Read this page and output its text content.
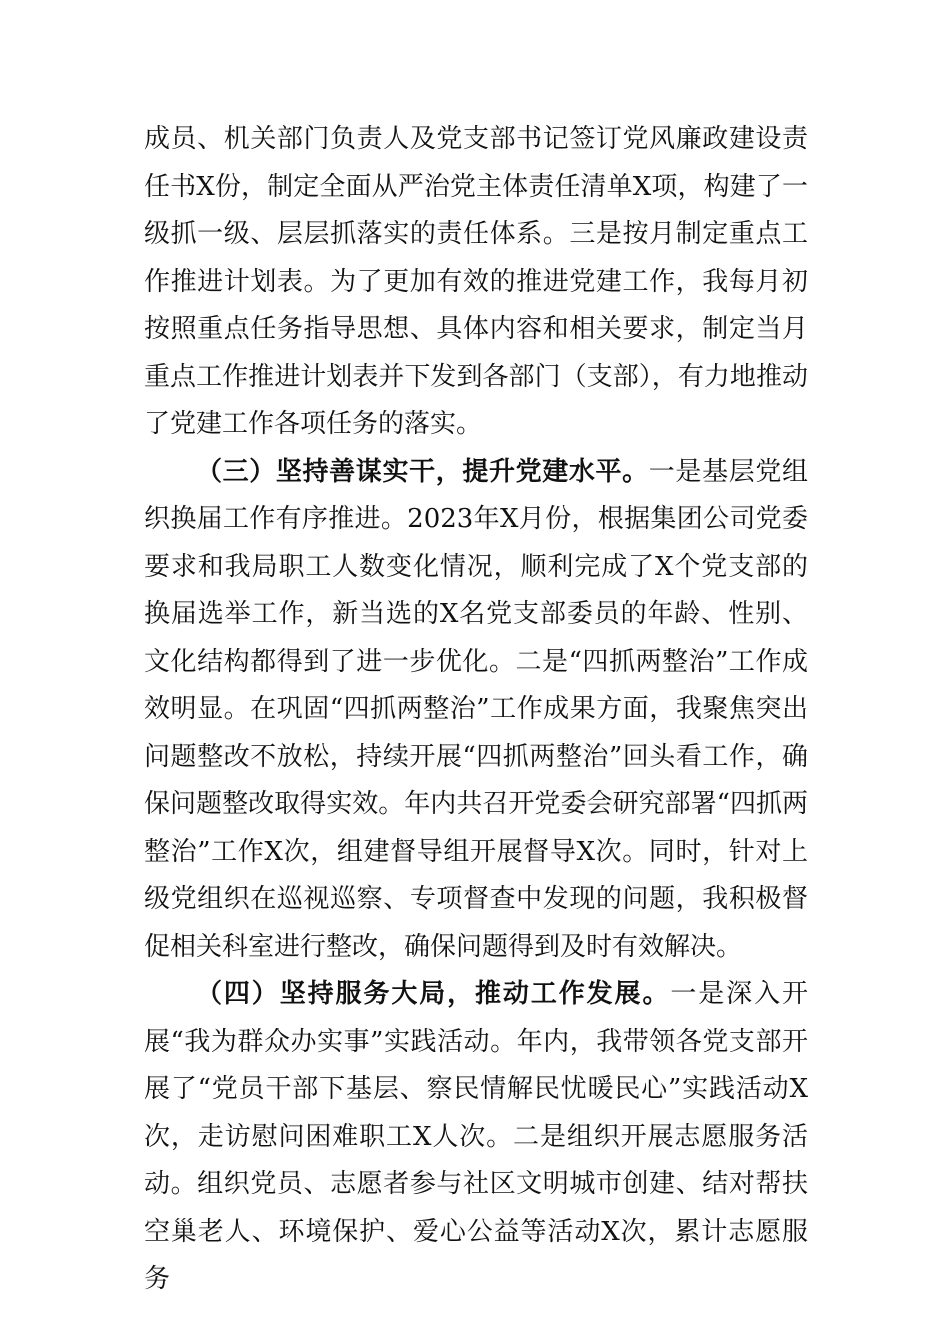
成员、机关部门负责人及党支部书记签订党风廉政建设责任书X份，制定全面从严治党主体责任清单X项，构建了一级抓一级、层层抓落实的责任体系。三是按月制定重点工作推进计划表。为了更加有效的推进党建工作，我每月初按照重点任务指导思想、具体内容和相关要求，制定当月重点工作推进计划表并下发到各部门（支部），有力地推动了党建工作各项任务的落实。

（三）坚持善谋实干，提升党建水平。一是基层党组织换届工作有序推进。2023年X月份，根据集团公司党委要求和我局职工人数变化情况，顺利完成了X个党支部的换届选举工作，新当选的X名党支部委员的年龄、性别、文化结构都得到了进一步优化。二是“四抓两整治”工作成效明显。在巩固“四抓两整治”工作成果方面，我聚焦突出问题整改不放松，持续开展“四抓两整治”回头看工作，确保问题整改取得实效。年内共召开党委会研究部署“四抓两整治”工作X次，组建督导组开展督导X次。同时，针对上级党组织在巡视巡察、专项督查中发现的问题，我积极督促相关科室进行整改，确保问题得到及时有效解决。

（四）坚持服务大局，推动工作发展。一是深入开展“我为群众办实事”实践活动。年内，我带领各党支部开展了“党员干部下基层、察民情解民忧暖民心”实践活动X次，走访慰问困难职工X人次。二是组织开展志愿服务活动。组织党员、志愿者参与社区文明城市创建、结对帮扶空巢老人、环境保护、爱心公益等活动X次，累计志愿服务
